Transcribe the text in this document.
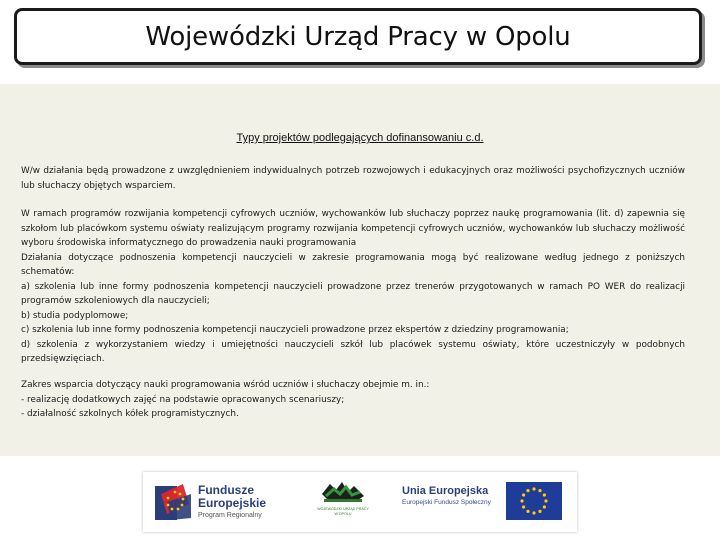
Wojewódzki Urząd Pracy w Opolu
Typy projektów podlegających dofinansowaniu c.d.

W/w działania będą prowadzone z uwzględnieniem indywidualnych potrzeb rozwojowych i edukacyjnych oraz możliwości psychofizycznych uczniów lub słuchaczy objętych wsparciem.

W ramach programów rozwijania kompetencji cyfrowych uczniów, wychowanków lub słuchaczy poprzez naukę programowania (lit. d) zapewnia się szkołom lub placówkom systemu oświaty realizującym programy rozwijania kompetencji cyfrowych uczniów, wychowanków lub słuchaczy możliwość wyboru środowiska informatycznego do prowadzenia nauki programowania

Działania dotyczące podnoszenia kompetencji nauczycieli w zakresie programowania mogą być realizowane według jednego z poniższych schematów:

a) szkolenia lub inne formy podnoszenia kompetencji nauczycieli prowadzone przez trenerów przygotowanych w ramach PO WER do realizacji programów szkoleniowych dla nauczycieli;

b) studia podyplomowe;

c) szkolenia lub inne formy podnoszenia kompetencji nauczycieli prowadzone przez ekspertów z dziedziny programowania;

d) szkolenia z wykorzystaniem wiedzy i umiejętności nauczycieli szkół lub placówek systemu oświaty, które uczestniczyły w podobnych przedsięwzięciach.

Zakres wsparcia dotyczący nauki programowania wśród uczniów i słuchaczy obejmie m. in.:

- realizację dodatkowych zajęć na podstawie opracowanych scenariuszy;

- działalność szkolnych kółek programistycznych.

Fundusze
Europejskie
Program Regionalny
WOJEWÓDZKI URZĄD PRACY
W OPOLU
Unia Europejska
Europejski Fundusz Społeczny
